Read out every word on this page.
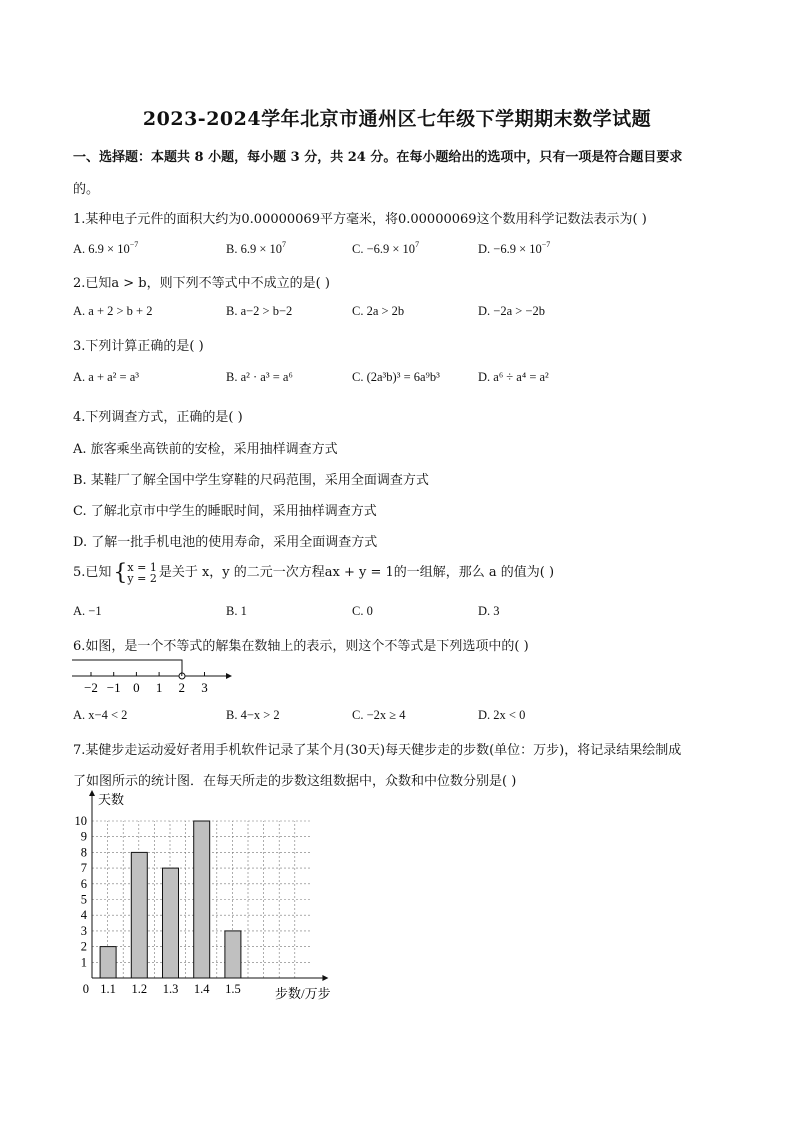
2023-2024学年北京市通州区七年级下学期期末数学试题
一、选择题：本题共 8 小题，每小题 3 分，共 24 分。在每小题给出的选项中，只有一项是符合题目要求
的。
1.某种电子元件的面积大约为0.00000069平方毫米，将0.00000069这个数用科学记数法表示为( )
A. $6.9 \times 10^{-7}$	B. $6.9 \times 10^7$	C. $-6.9 \times 10^7$	D. $-6.9 \times 10^{-7}$
2.已知a > b，则下列不等式中不成立的是( )
A. a + 2 > b + 2	B. a−2 > b−2	C. 2a > 2b	D. −2a > −2b
3.下列计算正确的是( )
A. a + a² = a³	B. a² · a³ = a⁶	C. (2a³b)³ = 6a⁹b³	D. a⁶ ÷ a⁴ = a²
4.下列调查方式，正确的是( )
A. 旅客乘坐高铁前的安检，采用抽样调查方式
B. 某鞋厂了解全国中学生穿鞋的尺码范围，采用全面调查方式
C. 了解北京市中学生的睡眠时间，采用抽样调查方式
D. 了解一批手机电池的使用寿命，采用全面调查方式
5.已知{x = 1
y = 2 是关于 x，y 的二元一次方程ax + y = 1的一组解，那么 a 的值为( )
A. −1	B. 1	C. 0	D. 3
6.如图，是一个不等式的解集在数轴上的表示，则这个不等式是下列选项中的( )
−2 −1 0 1 2 3
A. x−4 < 2	B. 4−x > 2	C. −2x ≥ 4	D. 2x < 0
7.某健步走运动爱好者用手机软件记录了某个月(30天)每天健步走的步数(单位：万步)，将记录结果绘制成
了如图所示的统计图．在每天所走的步数这组数据中，众数和中位数分别是( )
1.1 1.2 1.3 1.4 1.5
1
2
3
4
5
6
7
8
9
10
0
天数
步数/万步
